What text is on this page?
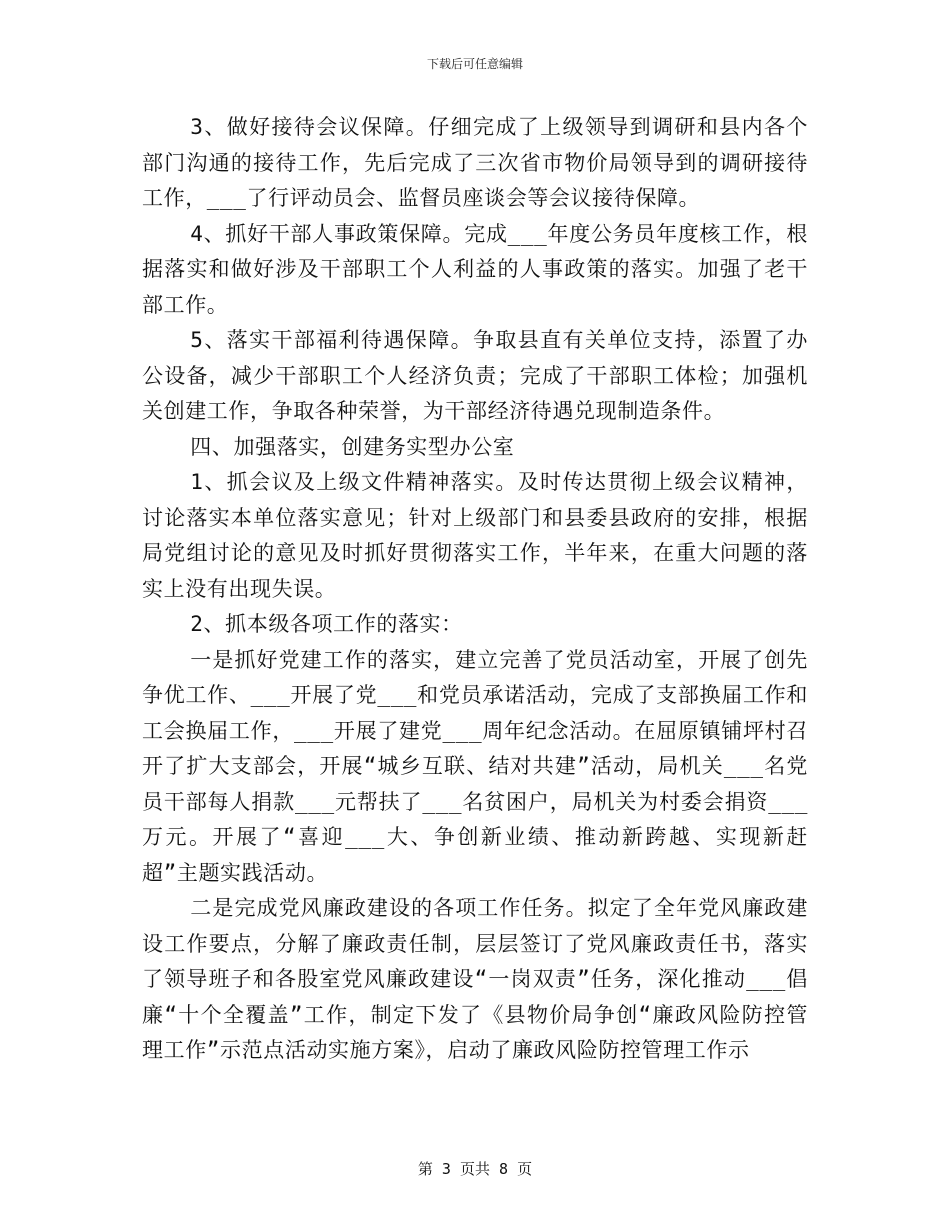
下载后可任意编辑

3、做好接待会议保障。仔细完成了上级领导到调研和县内各个部门沟通的接待工作，先后完成了三次省市物价局领导到的调研接待工作，___了行评动员会、监督员座谈会等会议接待保障。

4、抓好干部人事政策保障。完成___年度公务员年度核工作，根据落实和做好涉及干部职工个人利益的人事政策的落实。加强了老干部工作。

5、落实干部福利待遇保障。争取县直有关单位支持，添置了办公设备，减少干部职工个人经济负责；完成了干部职工体检；加强机关创建工作，争取各种荣誉，为干部经济待遇兑现制造条件。

四、加强落实，创建务实型办公室

1、抓会议及上级文件精神落实。及时传达贯彻上级会议精神，讨论落实本单位落实意见；针对上级部门和县委县政府的安排，根据局党组讨论的意见及时抓好贯彻落实工作，半年来，在重大问题的落实上没有出现失误。

2、抓本级各项工作的落实：

一是抓好党建工作的落实，建立完善了党员活动室，开展了创先争优工作、___开展了党___和党员承诺活动，完成了支部换届工作和工会换届工作，___开展了建党___周年纪念活动。在屈原镇铺坪村召开了扩大支部会，开展“城乡互联、结对共建”活动，局机关___名党员干部每人捐款___元帮扶了___名贫困户，局机关为村委会捐资___万元。开展了“喜迎___大、争创新业绩、推动新跨越、实现新赶超”主题实践活动。

二是完成党风廉政建设的各项工作任务。拟定了全年党风廉政建设工作要点，分解了廉政责任制，层层签订了党风廉政责任书，落实了领导班子和各股室党风廉政建设“一岗双责”任务，深化推动___倡廉“十个全覆盖”工作，制定下发了《县物价局争创“廉政风险防控管理工作”示范点活动实施方案》，启动了廉政风险防控管理工作示

第 3 页共 8 页
